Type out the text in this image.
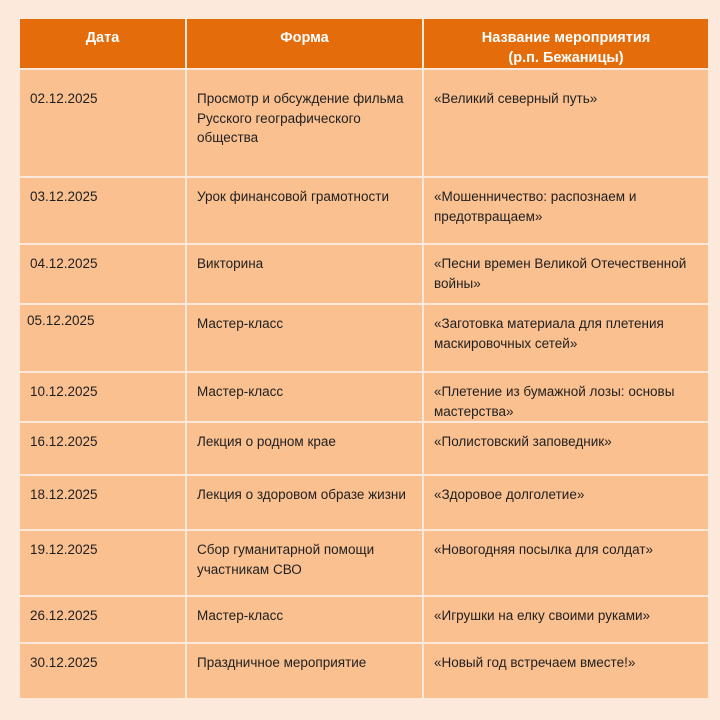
Дата	Форма	Название мероприятия
(р.п. Бежаницы)
02.12.2025	Просмотр и обсуждение фильма Русского географического общества	«Великий северный путь»
03.12.2025	Урок финансовой грамотности	«Мошенничество: распознаем и предотвращаем»
04.12.2025	Викторина	«Песни времен Великой Отечественной войны»
05.12.2025	Мастер-класс	«Заготовка материала для плетения маскировочных сетей»
10.12.2025	Мастер-класс	«Плетение из бумажной лозы: основы мастерства»
16.12.2025	Лекция о родном крае	«Полистовский заповедник»
18.12.2025	Лекция о здоровом образе жизни	«Здоровое долголетие»
19.12.2025	Сбор гуманитарной помощи участникам СВО	«Новогодняя посылка для солдат»
26.12.2025	Мастер-класс	«Игрушки на елку своими руками»
30.12.2025	Праздничное мероприятие	«Новый год встречаем вместе!»
